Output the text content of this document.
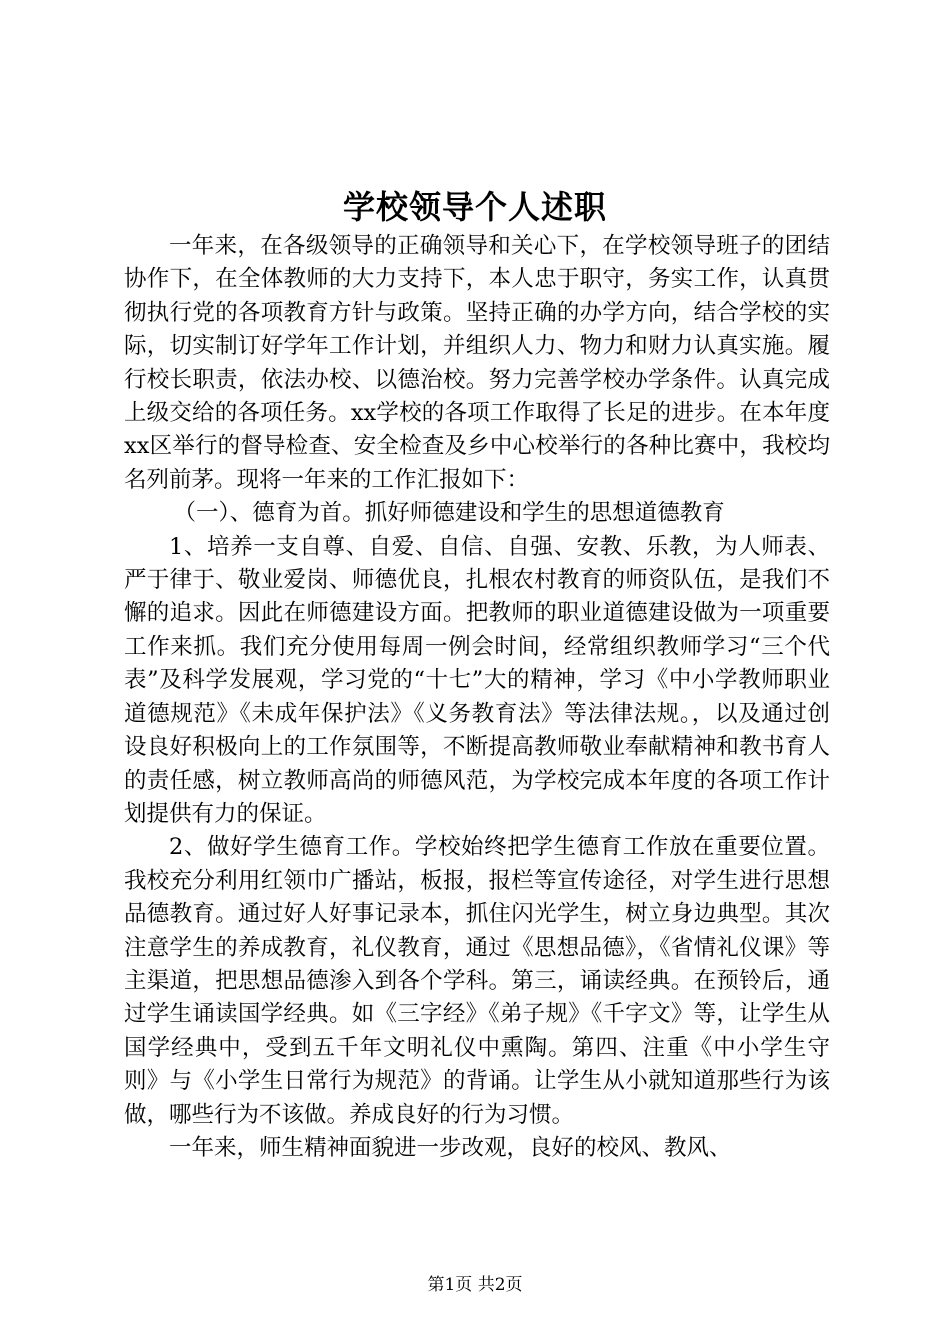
学校领导个人述职

一年来，在各级领导的正确领导和关心下，在学校领导班子的团结协作下，在全体教师的大力支持下，本人忠于职守，务实工作，认真贯彻执行党的各项教育方针与政策。坚持正确的办学方向，结合学校的实际，切实制订好学年工作计划，并组织人力、物力和财力认真实施。履行校长职责，依法办校、以德治校。努力完善学校办学条件。认真完成上级交给的各项任务。xx学校的各项工作取得了长足的进步。在本年度xx区举行的督导检查、安全检查及乡中心校举行的各种比赛中，我校均名列前茅。现将一年来的工作汇报如下：

（一）、德育为首。抓好师德建设和学生的思想道德教育

1、培养一支自尊、自爱、自信、自强、安教、乐教，为人师表、严于律于、敬业爱岗、师德优良，扎根农村教育的师资队伍，是我们不懈的追求。因此在师德建设方面。把教师的职业道德建设做为一项重要工作来抓。我们充分使用每周一例会时间，经常组织教师学习“三个代表”及科学发展观，学习党的“十七”大的精神，学习《中小学教师职业道德规范》《未成年保护法》《义务教育法》等法律法规。，以及通过创设良好积极向上的工作氛围等，不断提高教师敬业奉献精神和教书育人的责任感，树立教师高尚的师德风范，为学校完成本年度的各项工作计划提供有力的保证。

2、做好学生德育工作。学校始终把学生德育工作放在重要位置。我校充分利用红领巾广播站，板报，报栏等宣传途径，对学生进行思想品德教育。通过好人好事记录本，抓住闪光学生，树立身边典型。其次注意学生的养成教育，礼仪教育，通过《思想品德》，《省情礼仪课》等主渠道，把思想品德渗入到各个学科。第三，诵读经典。在预铃后，通过学生诵读国学经典。如《三字经》《弟子规》《千字文》等，让学生从国学经典中，受到五千年文明礼仪中熏陶。第四、注重《中小学生守则》与《小学生日常行为规范》的背诵。让学生从小就知道那些行为该做，哪些行为不该做。养成良好的行为习惯。

一年来，师生精神面貌进一步改观，良好的校风、教风、

第1页 共2页
